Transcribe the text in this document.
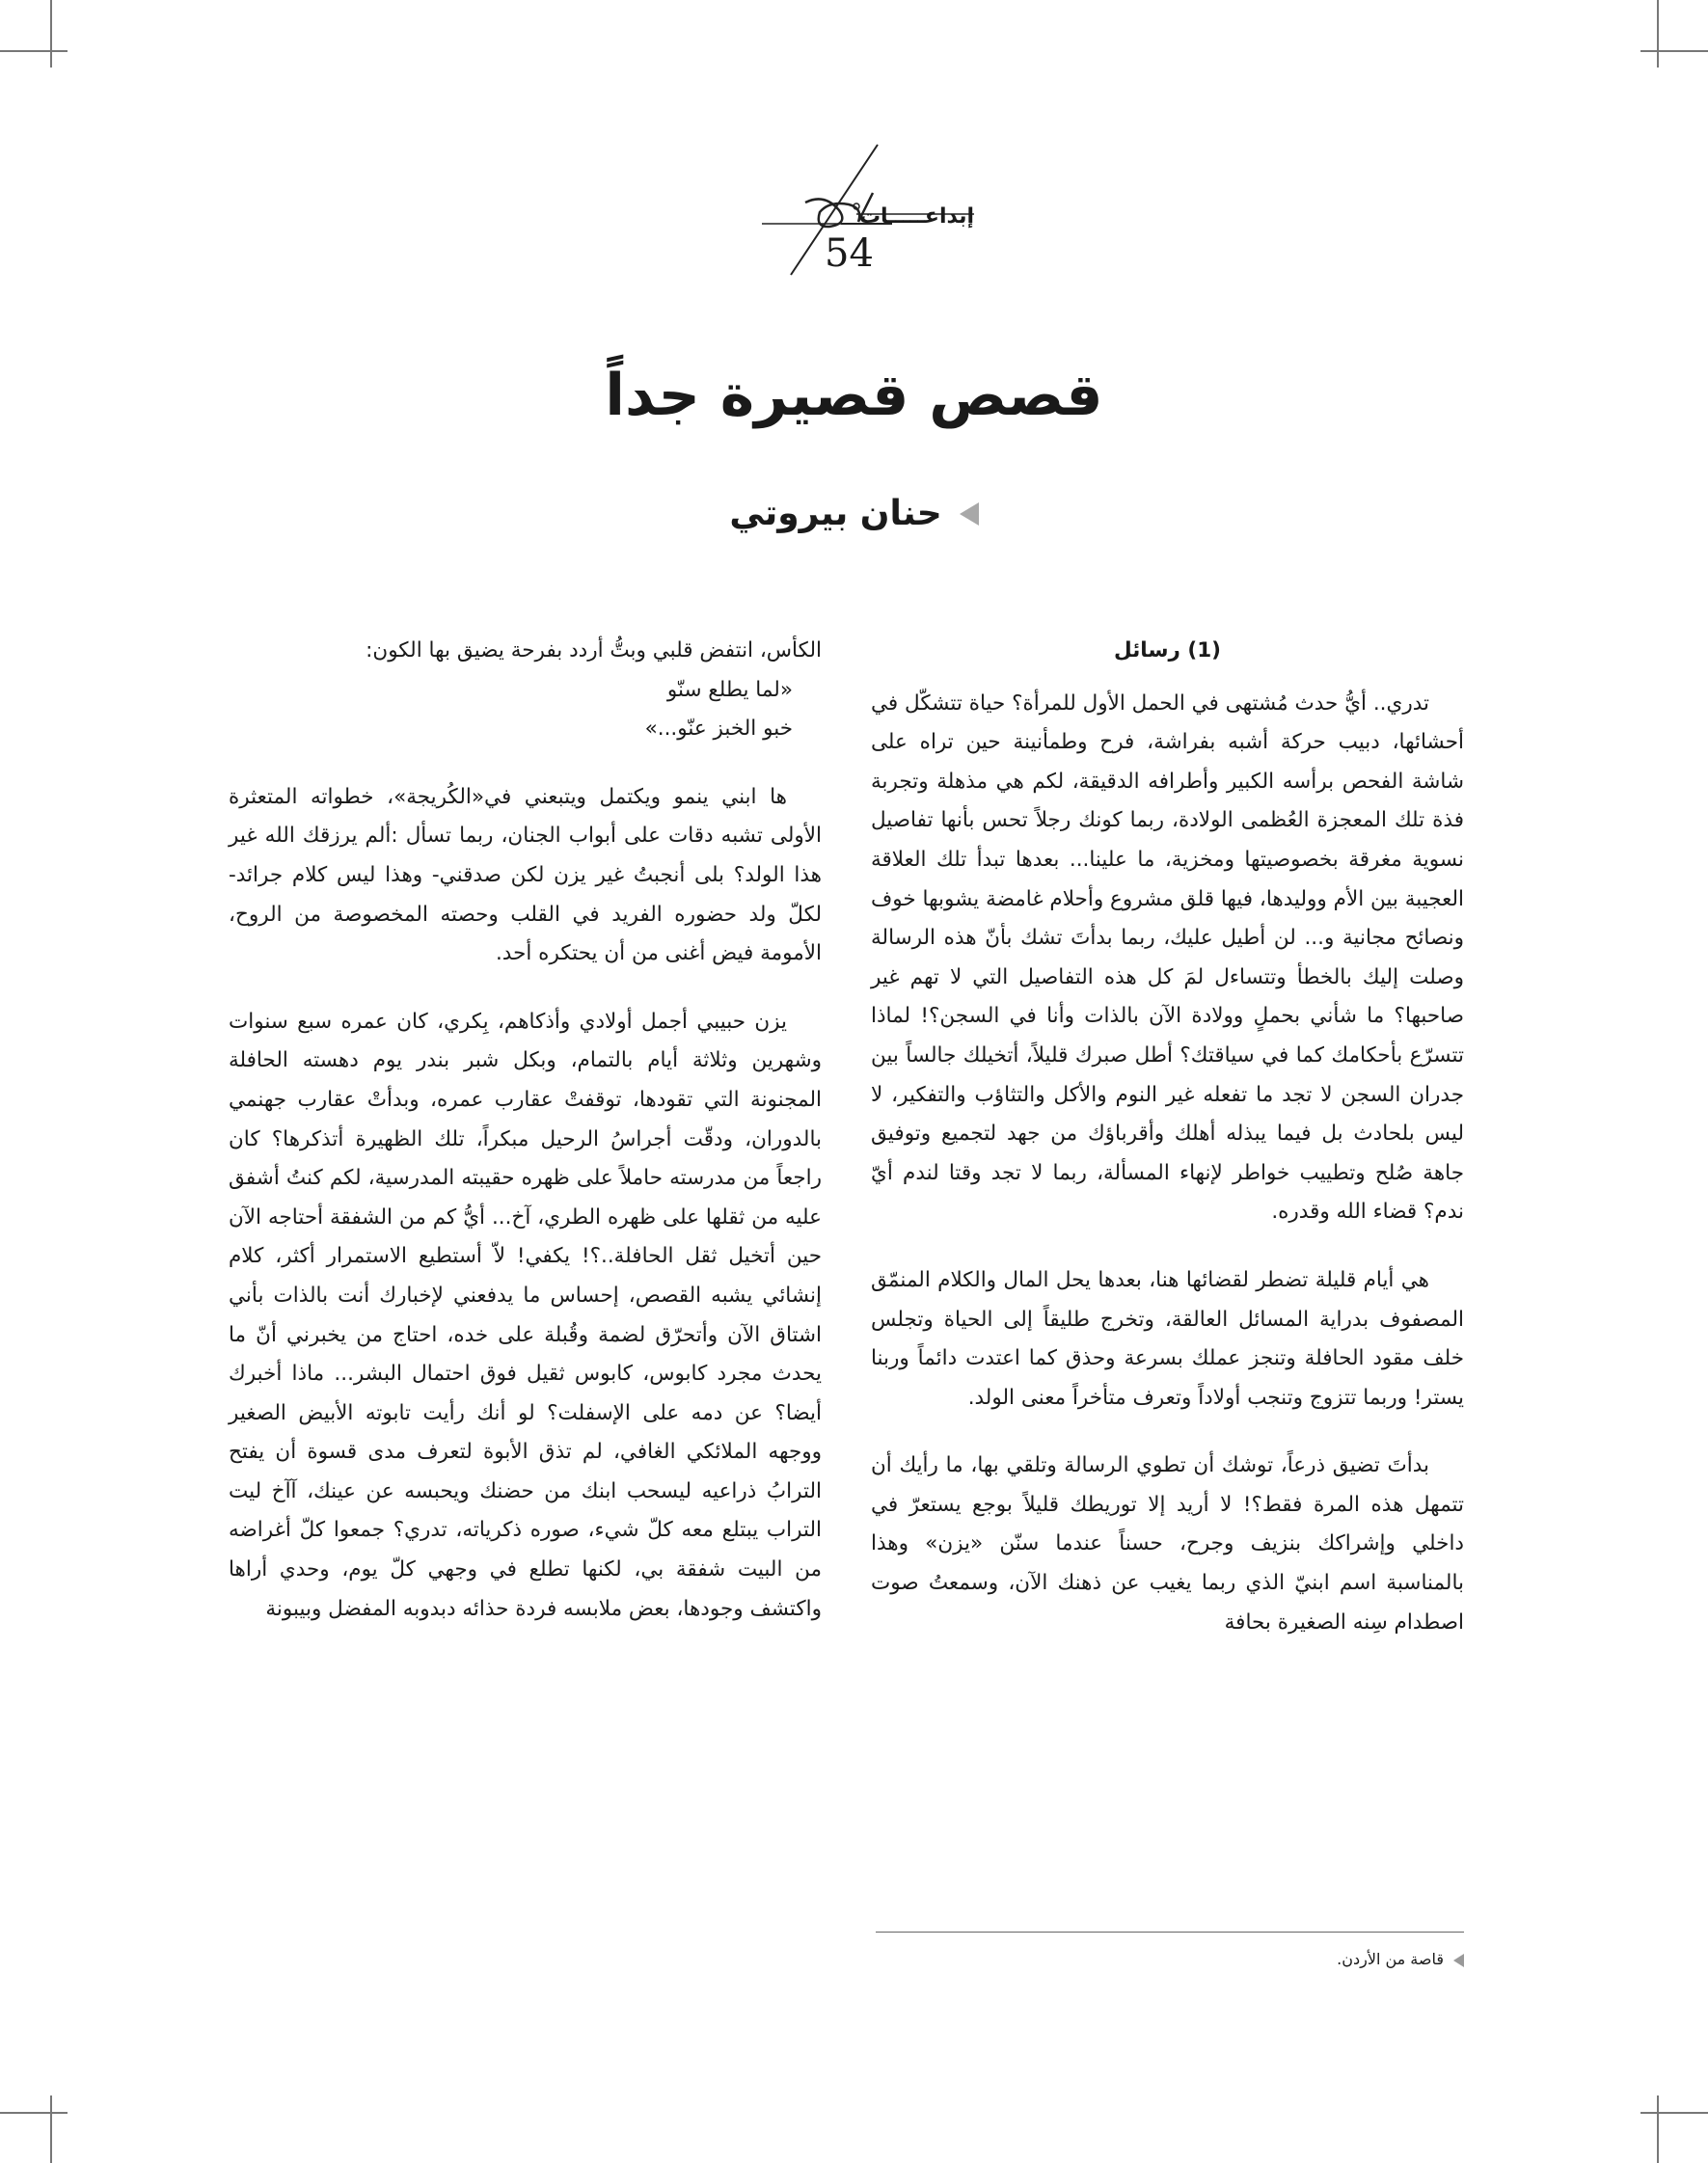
إبداعـــــات
54
قصص قصيرة جداً
حنان بيروتي

(1) رسائل

تدري.. أيُّ حدث مُشتهى في الحمل الأول للمرأة؟ حياة تتشكّل في أحشائها، دبيب حركة أشبه بفراشة، فرح وطمأنينة حين تراه على شاشة الفحص برأسه الكبير وأطرافه الدقيقة، لكم هي مذهلة وتجربة فذة تلك المعجزة العُظمى الولادة، ربما كونك رجلاً تحس بأنها تفاصيل نسوية مغرقة بخصوصيتها ومخزية، ما علينا... بعدها تبدأ تلك العلاقة العجيبة بين الأم ووليدها، فيها قلق مشروع وأحلام غامضة يشوبها خوف ونصائح مجانية و... لن أطيل عليك، ربما بدأتَ تشك بأنّ هذه الرسالة وصلت إليك بالخطأ وتتساءل لمَ كل هذه التفاصيل التي لا تهم غير صاحبها؟ ما شأني بحملٍ وولادة الآن بالذات وأنا في السجن؟! لماذا تتسرّع بأحكامك كما في سياقتك؟ أطل صبرك قليلاً، أتخيلك جالساً بين جدران السجن لا تجد ما تفعله غير النوم والأكل والتثاؤب والتفكير، لا ليس بلحادث بل فيما يبذله أهلك وأقرباؤك من جهد لتجميع وتوفيق جاهة صُلح وتطييب خواطر لإنهاء المسألة، ربما لا تجد وقتا لندم أيّ ندم؟ قضاء الله وقدره.

هي أيام قليلة تضطر لقضائها هنا، بعدها يحل المال والكلام المنمّق المصفوف بدراية المسائل العالقة، وتخرج طليقاً إلى الحياة وتجلس خلف مقود الحافلة وتنجز عملك بسرعة وحذق كما اعتدت دائماً وربنا يستر! وربما تتزوج وتنجب أولاداً وتعرف متأخراً معنى الولد.

بدأتَ تضيق ذرعاً، توشك أن تطوي الرسالة وتلقي بها، ما رأيك أن تتمهل هذه المرة فقط؟! لا أريد إلا توريطك قليلاً بوجع يستعرّ في داخلي وإشراكك بنزيف وجرح، حسناً عندما سنّن «يزن» وهذا بالمناسبة اسم ابنيّ الذي ربما يغيب عن ذهنك الآن، وسمعتُ صوت اصطدام سِنه الصغيرة بحافة

الكأس، انتفض قلبي وبتُّ أردد بفرحة يضيق بها الكون:

«لما يطلع سنّو

خبو الخبز عنّو...»

ها ابني ينمو ويكتمل ويتبعني في«الكُريجة»، خطواته المتعثرة الأولى تشبه دقات على أبواب الجنان، ربما تسأل :ألم يرزقك الله غير هذا الولد؟ بلى أنجبتُ غير يزن لكن صدقني- وهذا ليس كلام جرائد- لكلّ ولد حضوره الفريد في القلب وحصته المخصوصة من الروح، الأمومة فيض أغنى من أن يحتكره أحد.

يزن حبيبي أجمل أولادي وأذكاهم، بِكري، كان عمره سبع سنوات وشهرين وثلاثة أيام بالتمام، وبكل شبر بندر يوم دهسته الحافلة المجنونة التي تقودها، توقفتْ عقارب عمره، وبدأتْ عقارب جهنمي بالدوران، ودقّت أجراسُ الرحيل مبكراً، تلك الظهيرة أتذكرها؟ كان راجعاً من مدرسته حاملاً على ظهره حقيبته المدرسية، لكم كنتُ أشفق عليه من ثقلها على ظهره الطري، آخ... أيُّ كم من الشفقة أحتاجه الآن حين أتخيل ثقل الحافلة..؟! يكفي! لاّ أستطيع الاستمرار أكثر، كلام إنشائي يشبه القصص، إحساس ما يدفعني لإخبارك أنت بالذات بأني اشتاق الآن وأتحرّق لضمة وقُبلة على خده، احتاج من يخبرني أنّ ما يحدث مجرد كابوس، كابوس ثقيل فوق احتمال البشر... ماذا أخبرك أيضا؟ عن دمه على الإسفلت؟ لو أنك رأيت تابوته الأبيض الصغير ووجهه الملائكي الغافي، لم تذق الأبوة لتعرف مدى قسوة أن يفتح الترابُ ذراعيه ليسحب ابنك من حضنك ويحبسه عن عينك، آآخ ليت التراب يبتلع معه كلّ شيء، صوره ذكرياته، تدري؟ جمعوا كلّ أغراضه من البيت شفقة بي، لكنها تطلع في وجهي كلّ يوم، وحدي أراها واكتشف وجودها، بعض ملابسه فردة حذائه دبدوبه المفضل وبيبونة

قاصة من الأردن.
